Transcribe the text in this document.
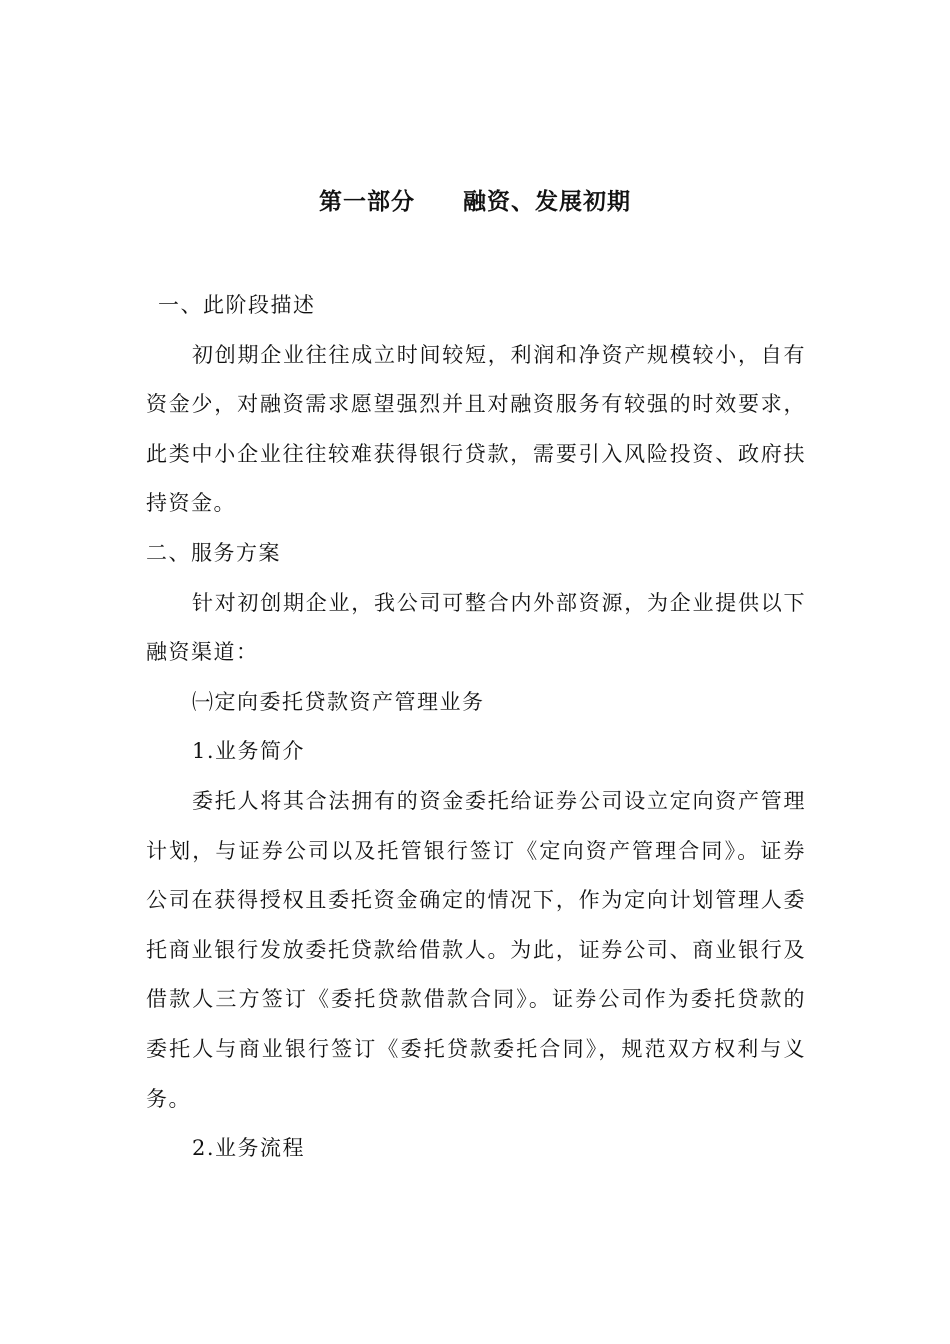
第一部分 融资、发展初期

一、此阶段描述

初创期企业往往成立时间较短，利润和净资产规模较小，自有资金少，对融资需求愿望强烈并且对融资服务有较强的时效要求，此类中小企业往往较难获得银行贷款，需要引入风险投资、政府扶持资金。

二、服务方案

针对初创期企业，我公司可整合内外部资源，为企业提供以下融资渠道：

㈠定向委托贷款资产管理业务

1.业务简介

委托人将其合法拥有的资金委托给证券公司设立定向资产管理计划，与证券公司以及托管银行签订《定向资产管理合同》。证券公司在获得授权且委托资金确定的情况下，作为定向计划管理人委托商业银行发放委托贷款给借款人。为此，证券公司、商业银行及借款人三方签订《委托贷款借款合同》。证券公司作为委托贷款的委托人与商业银行签订《委托贷款委托合同》，规范双方权利与义务。

2.业务流程
